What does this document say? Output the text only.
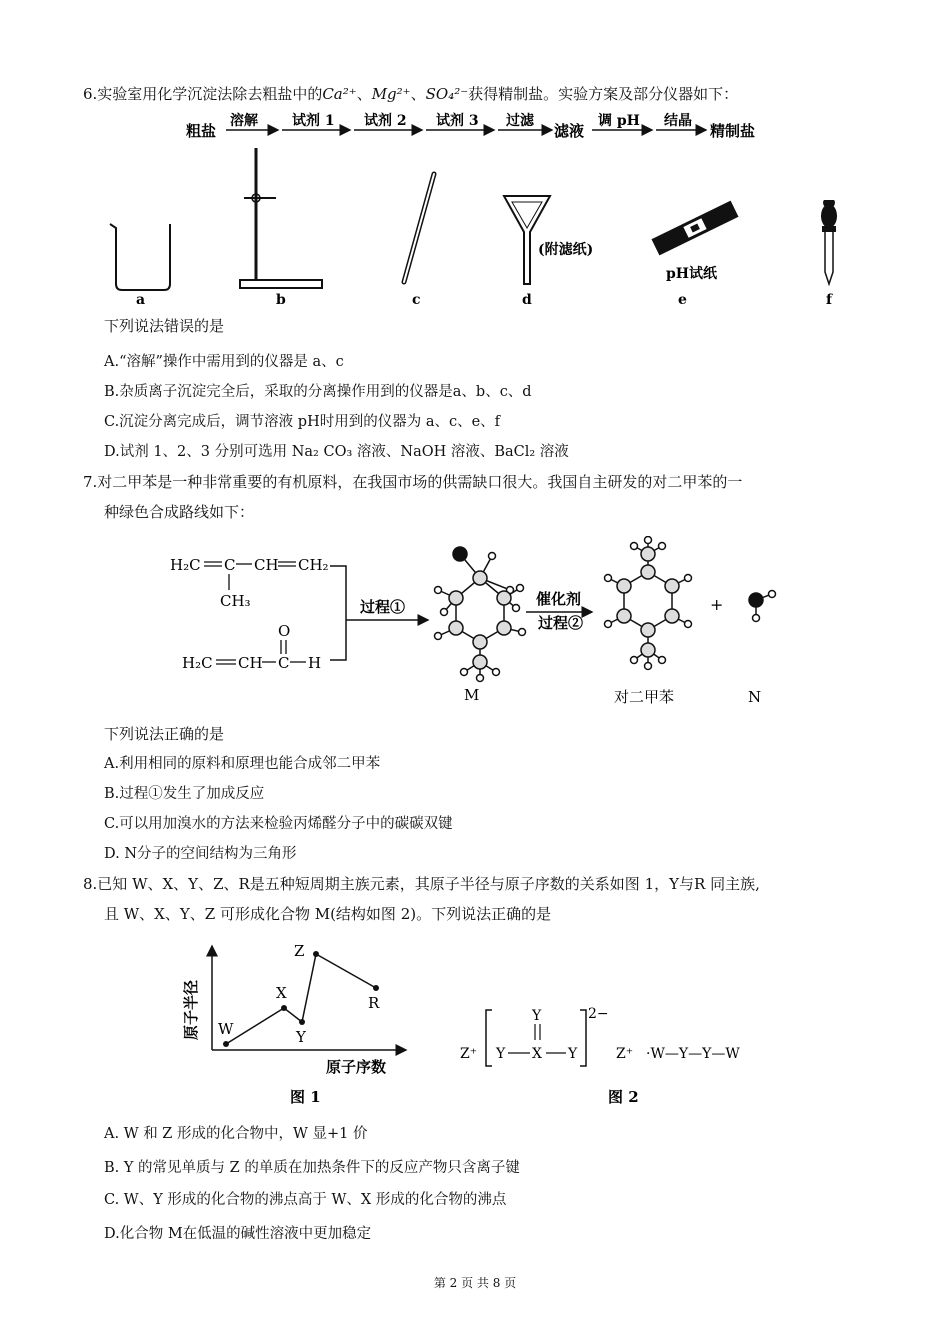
6.实验室用化学沉淀法除去粗盐中的Ca²⁺、Mg²⁺、SO₄²⁻获得精制盐。实验方案及部分仪器如下：
粗盐
溶解 试剂 1 试剂 2 试剂 3 过滤
滤液
调 pH 结晶
精制盐
a	b	c
(附滤纸)
d
pH试纸
e	f
下列说法错误的是
A.“溶解”操作中需用到的仪器是 a、c
B.杂质离子沉淀完全后，采取的分离操作用到的仪器是a、b、c、d
C.沉淀分离完成后，调节溶液 pH时用到的仪器为 a、c、e、f
D.试剂 1、2、3 分别可选用 Na₂ CO₃ 溶液、NaOH 溶液、BaCl₂ 溶液
7.对二甲苯是一种非常重要的有机原料，在我国市场的供需缺口很大。我国自主研发的对二甲苯的一
种绿色合成路线如下：
H₂C C CH CH₂
CH₃
O
H₂C CH C H
过程①
M
催化剂
过程②
对二甲苯
+
N
下列说法正确的是
A.利用相同的原料和原理也能合成邻二甲苯
B.过程①发生了加成反应
C.可以用加溴水的方法来检验丙烯醛分子中的碳碳双键
D. N分子的空间结构为三角形
8.已知 W、X、Y、Z、R是五种短周期主族元素，其原子半径与原子序数的关系如图 1，Y与R 同主族,
且 W、X、Y、Z 可形成化合物 M(结构如图 2)。下列说法正确的是
原子半径
原子序数
W
X
Y
Z
R
图 1
Z⁺
Y
Y X Y
2−
Z⁺ ·W—Y—Y—W
图 2
A. W 和 Z 形成的化合物中，W 显+1 价
B. Y 的常见单质与 Z 的单质在加热条件下的反应产物只含离子键
C. W、Y 形成的化合物的沸点高于 W、X 形成的化合物的沸点
D.化合物 M在低温的碱性溶液中更加稳定
第 2 页 共 8 页
